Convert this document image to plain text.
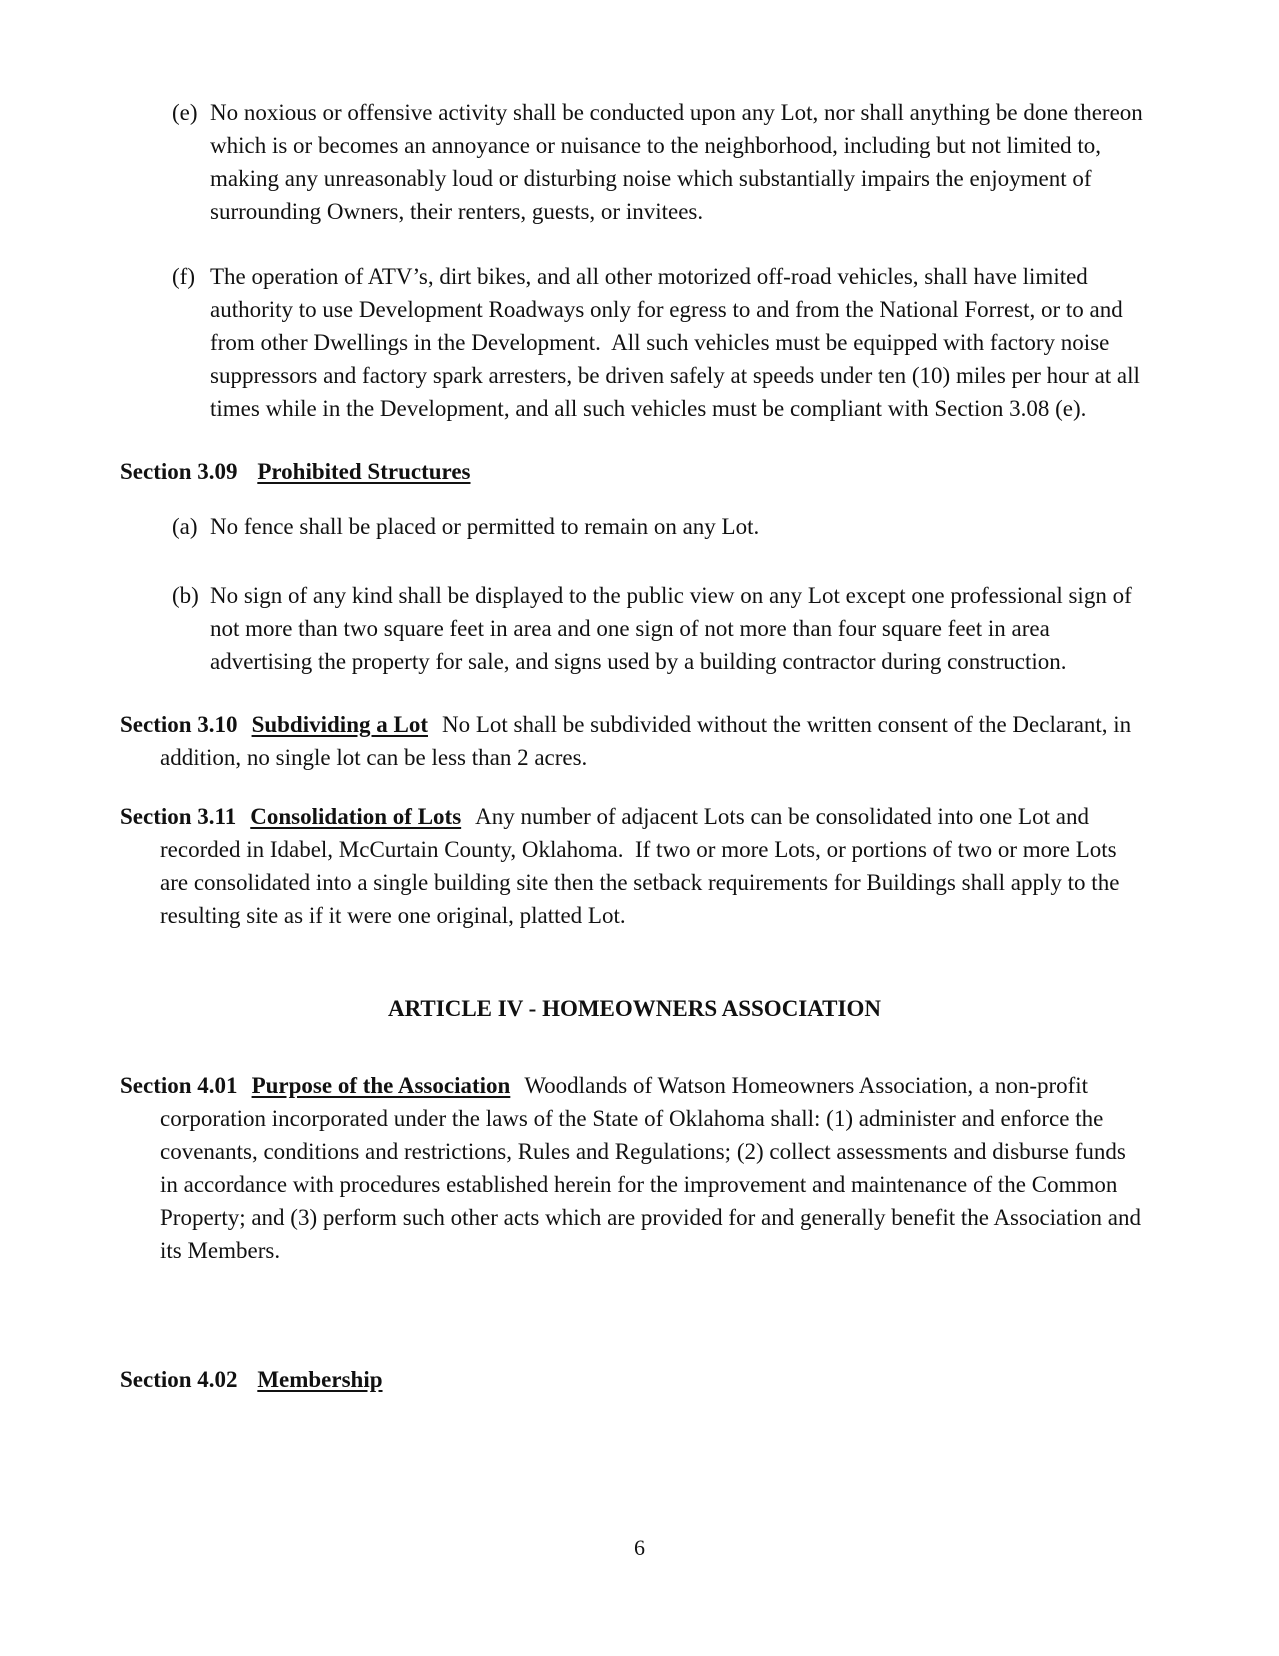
(e) No noxious or offensive activity shall be conducted upon any Lot, nor shall anything be done thereon which is or becomes an annoyance or nuisance to the neighborhood, including but not limited to, making any unreasonably loud or disturbing noise which substantially impairs the enjoyment of surrounding Owners, their renters, guests, or invitees.
(f) The operation of ATV’s, dirt bikes, and all other motorized off-road vehicles, shall have limited authority to use Development Roadways only for egress to and from the National Forrest, or to and from other Dwellings in the Development.  All such vehicles must be equipped with factory noise suppressors and factory spark arresters, be driven safely at speeds under ten (10) miles per hour at all times while in the Development, and all such vehicles must be compliant with Section 3.08 (e).

Section 3.09 Prohibited Structures

(a) No fence shall be placed or permitted to remain on any Lot.
(b) No sign of any kind shall be displayed to the public view on any Lot except one professional sign of not more than two square feet in area and one sign of not more than four square feet in area advertising the property for sale, and signs used by a building contractor during construction.

Section 3.10 Subdividing a Lot No Lot shall be subdivided without the written consent of the Declarant, in addition, no single lot can be less than 2 acres.

Section 3.11 Consolidation of Lots Any number of adjacent Lots can be consolidated into one Lot and recorded in Idabel, McCurtain County, Oklahoma.  If two or more Lots, or portions of two or more Lots are consolidated into a single building site then the setback requirements for Buildings shall apply to the resulting site as if it were one original, platted Lot.

ARTICLE IV - HOMEOWNERS ASSOCIATION

Section 4.01 Purpose of the Association Woodlands of Watson Homeowners Association, a non-profit corporation incorporated under the laws of the State of Oklahoma shall: (1) administer and enforce the covenants, conditions and restrictions, Rules and Regulations; (2) collect assessments and disburse funds in accordance with procedures established herein for the improvement and maintenance of the Common Property; and (3) perform such other acts which are provided for and generally benefit the Association and its Members.

Section 4.02 Membership

6
